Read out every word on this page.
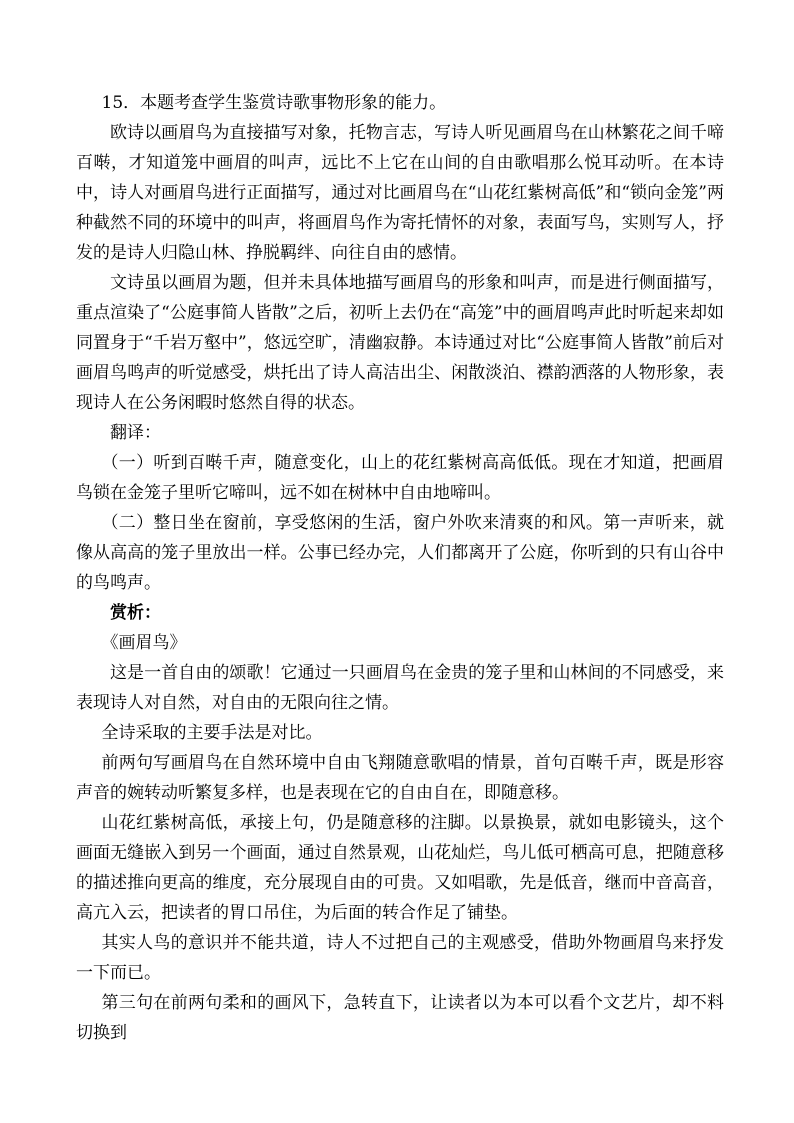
15．本题考查学生鉴赏诗歌事物形象的能力。

欧诗以画眉鸟为直接描写对象，托物言志，写诗人听见画眉鸟在山林繁花之间千啼百啭，才知道笼中画眉的叫声，远比不上它在山间的自由歌唱那么悦耳动听。在本诗中，诗人对画眉鸟进行正面描写，通过对比画眉鸟在“山花红紫树高低”和“锁向金笼”两种截然不同的环境中的叫声，将画眉鸟作为寄托情怀的对象，表面写鸟，实则写人，抒发的是诗人归隐山林、挣脱羁绊、向往自由的感情。

文诗虽以画眉为题，但并未具体地描写画眉鸟的形象和叫声，而是进行侧面描写，重点渲染了“公庭事简人皆散”之后，初听上去仍在“高笼”中的画眉鸣声此时听起来却如同置身于“千岩万壑中”，悠远空旷，清幽寂静。本诗通过对比“公庭事简人皆散”前后对画眉鸟鸣声的听觉感受，烘托出了诗人高洁出尘、闲散淡泊、襟韵洒落的人物形象，表现诗人在公务闲暇时悠然自得的状态。

翻译：

（一）听到百啭千声，随意变化，山上的花红紫树高高低低。现在才知道，把画眉鸟锁在金笼子里听它啼叫，远不如在树林中自由地啼叫。

（二）整日坐在窗前，享受悠闲的生活，窗户外吹来清爽的和风。第一声听来，就像从高高的笼子里放出一样。公事已经办完，人们都离开了公庭，你听到的只有山谷中的鸟鸣声。

赏析：

《画眉鸟》

这是一首自由的颂歌！它通过一只画眉鸟在金贵的笼子里和山林间的不同感受，来表现诗人对自然，对自由的无限向往之情。

全诗采取的主要手法是对比。

前两句写画眉鸟在自然环境中自由飞翔随意歌唱的情景，首句百啭千声，既是形容声音的婉转动听繁复多样，也是表现在它的自由自在，即随意移。

山花红紫树高低，承接上句，仍是随意移的注脚。以景换景，就如电影镜头，这个画面无缝嵌入到另一个画面，通过自然景观，山花灿烂，鸟儿低可栖高可息，把随意移的描述推向更高的维度，充分展现自由的可贵。又如唱歌，先是低音，继而中音高音，高亢入云，把读者的胃口吊住，为后面的转合作足了铺垫。

其实人鸟的意识并不能共道，诗人不过把自己的主观感受，借助外物画眉鸟来抒发一下而已。

第三句在前两句柔和的画风下，急转直下，让读者以为本可以看个文艺片，却不料切换到
